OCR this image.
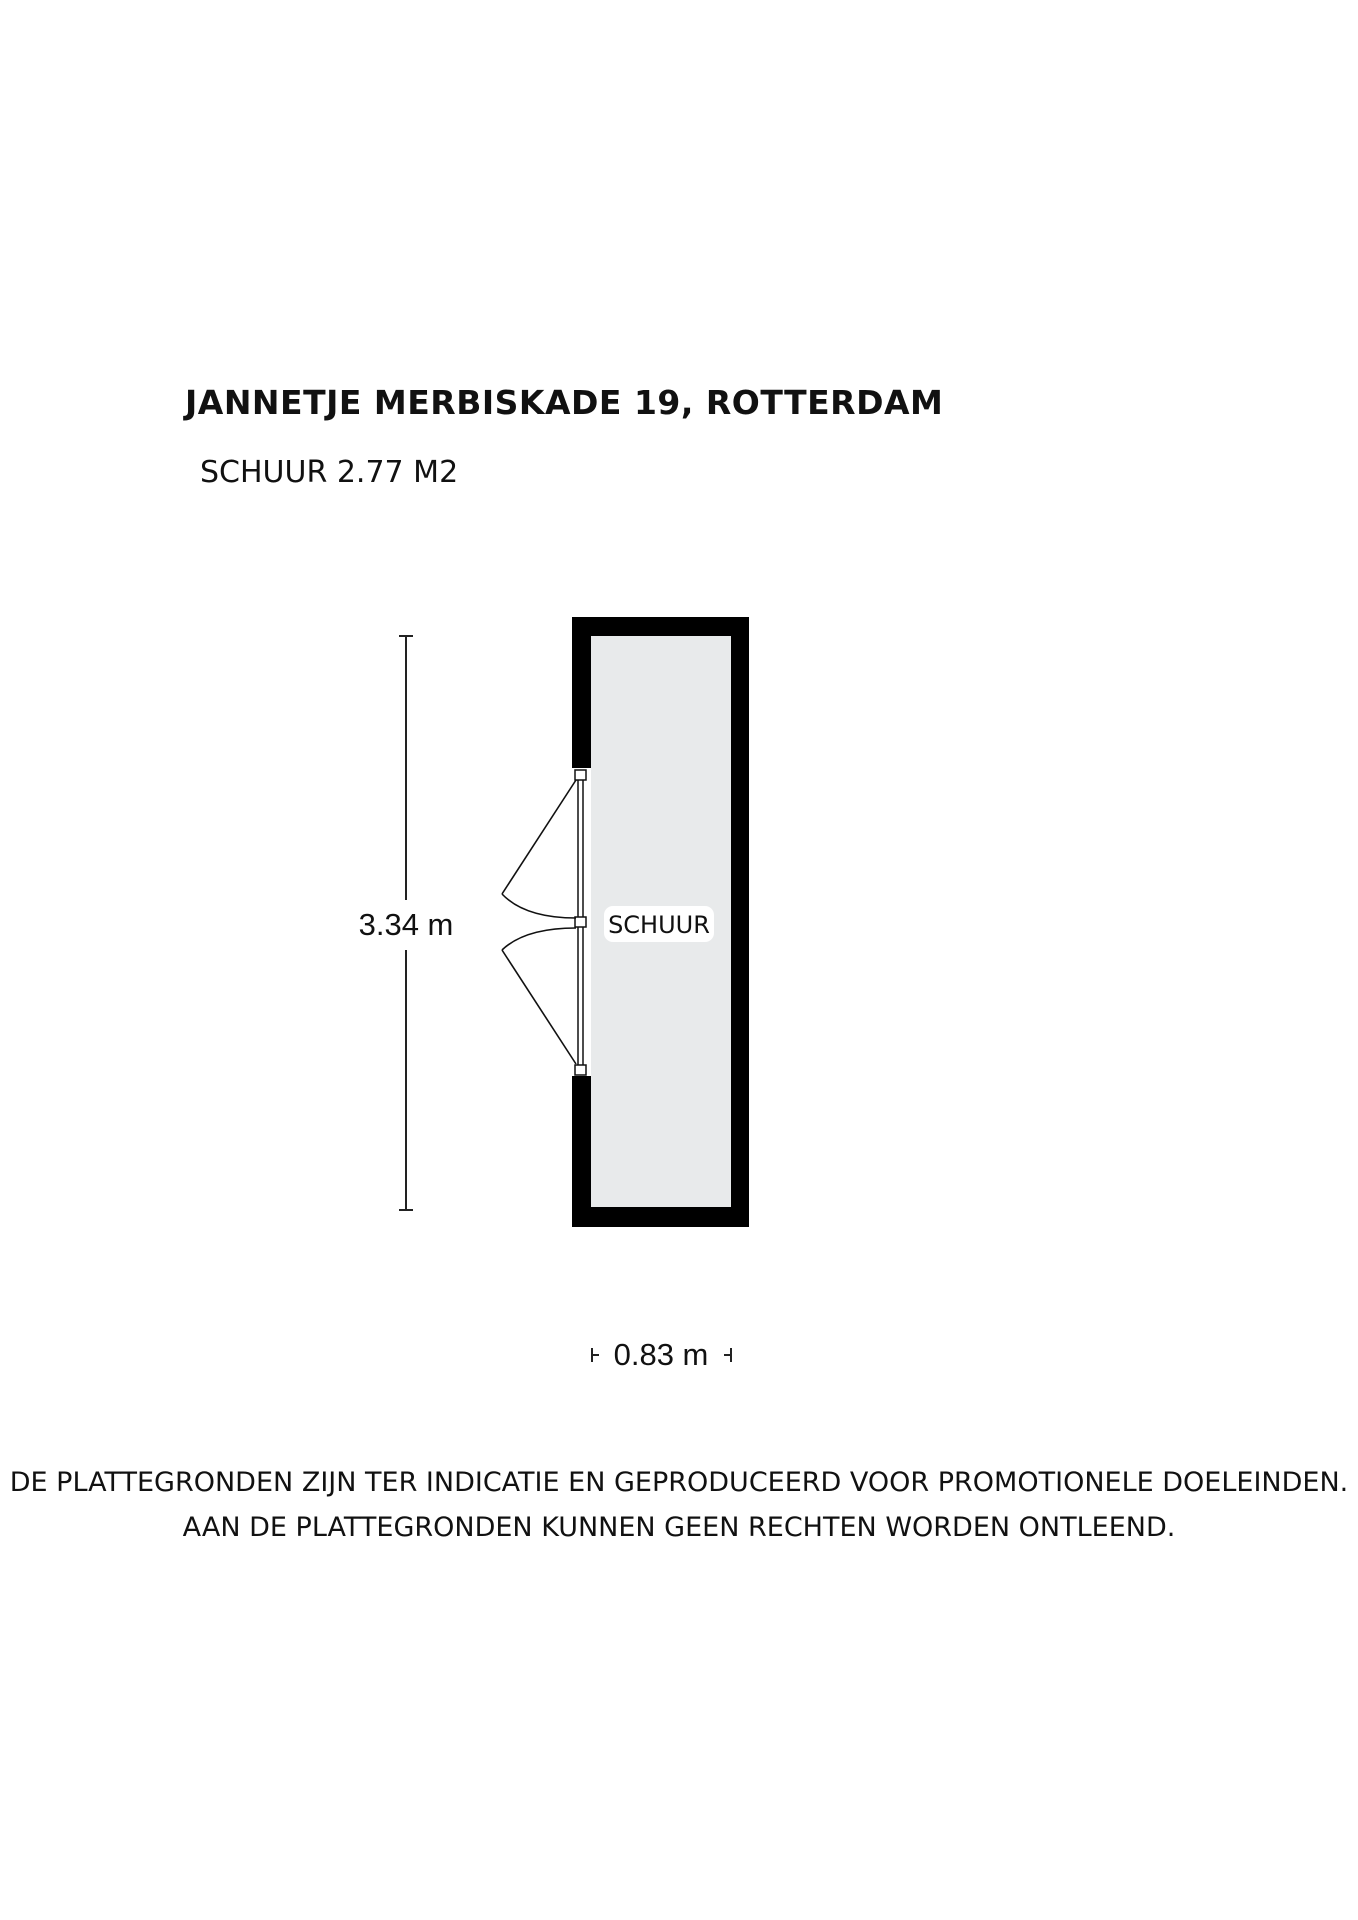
JANNETJE MERBISKADE 19, ROTTERDAM
SCHUUR 2.77 M2
3.34 m	SCHUUR
0.83 m
DE PLATTEGRONDEN ZIJN TER INDICATIE EN GEPRODUCEERD VOOR PROMOTIONELE DOELEINDEN.
AAN DE PLATTEGRONDEN KUNNEN GEEN RECHTEN WORDEN ONTLEEND.
